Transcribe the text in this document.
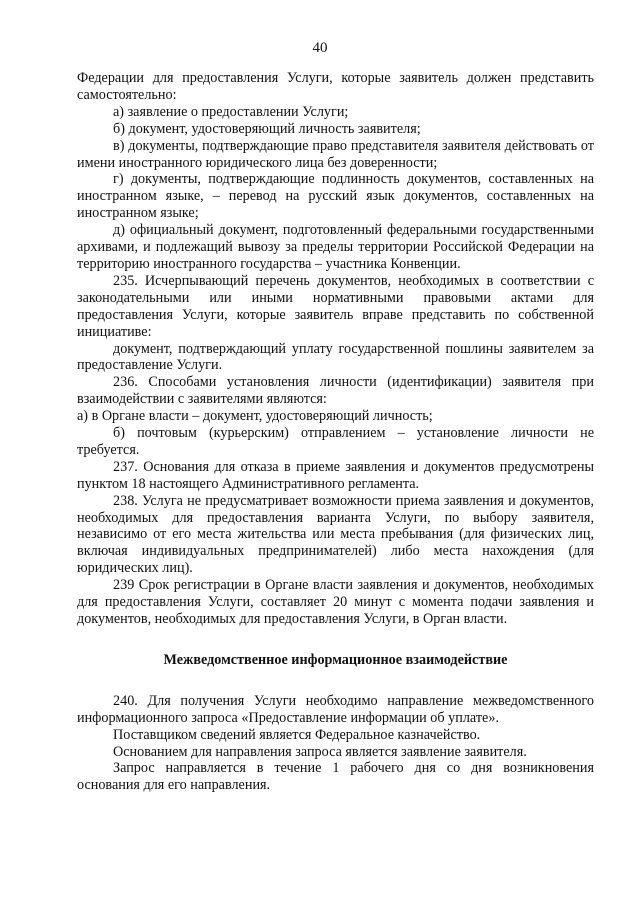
40

Федерации для предоставления Услуги, которые заявитель должен представить самостоятельно:

а) заявление о предоставлении Услуги;

б) документ, удостоверяющий личность заявителя;

в) документы, подтверждающие право представителя заявителя действовать от имени иностранного юридического лица без доверенности;

г) документы, подтверждающие подлинность документов, составленных на иностранном языке, – перевод на русский язык документов, составленных на иностранном языке;

д) официальный документ, подготовленный федеральными государственными архивами, и подлежащий вывозу за пределы территории Российской Федерации на территорию иностранного государства – участника Конвенции.

235. Исчерпывающий перечень документов, необходимых в соответствии с законодательными или иными нормативными правовыми актами для предоставления Услуги, которые заявитель вправе представить по собственной инициативе:

документ, подтверждающий уплату государственной пошлины заявителем за предоставление Услуги.

236. Способами установления личности (идентификации) заявителя при взаимодействии с заявителями являются:

а) в Органе власти – документ, удостоверяющий личность;

б) почтовым (курьерским) отправлением – установление личности не требуется.

237. Основания для отказа в приеме заявления и документов предусмотрены пунктом 18 настоящего Административного регламента.

238. Услуга не предусматривает возможности приема заявления и документов, необходимых для предоставления варианта Услуги, по выбору заявителя, независимо от его места жительства или места пребывания (для физических лиц, включая индивидуальных предпринимателей) либо места нахождения (для юридических лиц).

239 Срок регистрации в Органе власти заявления и документов, необходимых для предоставления Услуги, составляет 20 минут с момента подачи заявления и документов, необходимых для предоставления Услуги, в Орган власти.

Межведомственное информационное взаимодействие

240. Для получения Услуги необходимо направление межведомственного информационного запроса «Предоставление информации об уплате».

Поставщиком сведений является Федеральное казначейство.

Основанием для направления запроса является заявление заявителя.

Запрос направляется в течение 1 рабочего дня со дня возникновения основания для его направления.
